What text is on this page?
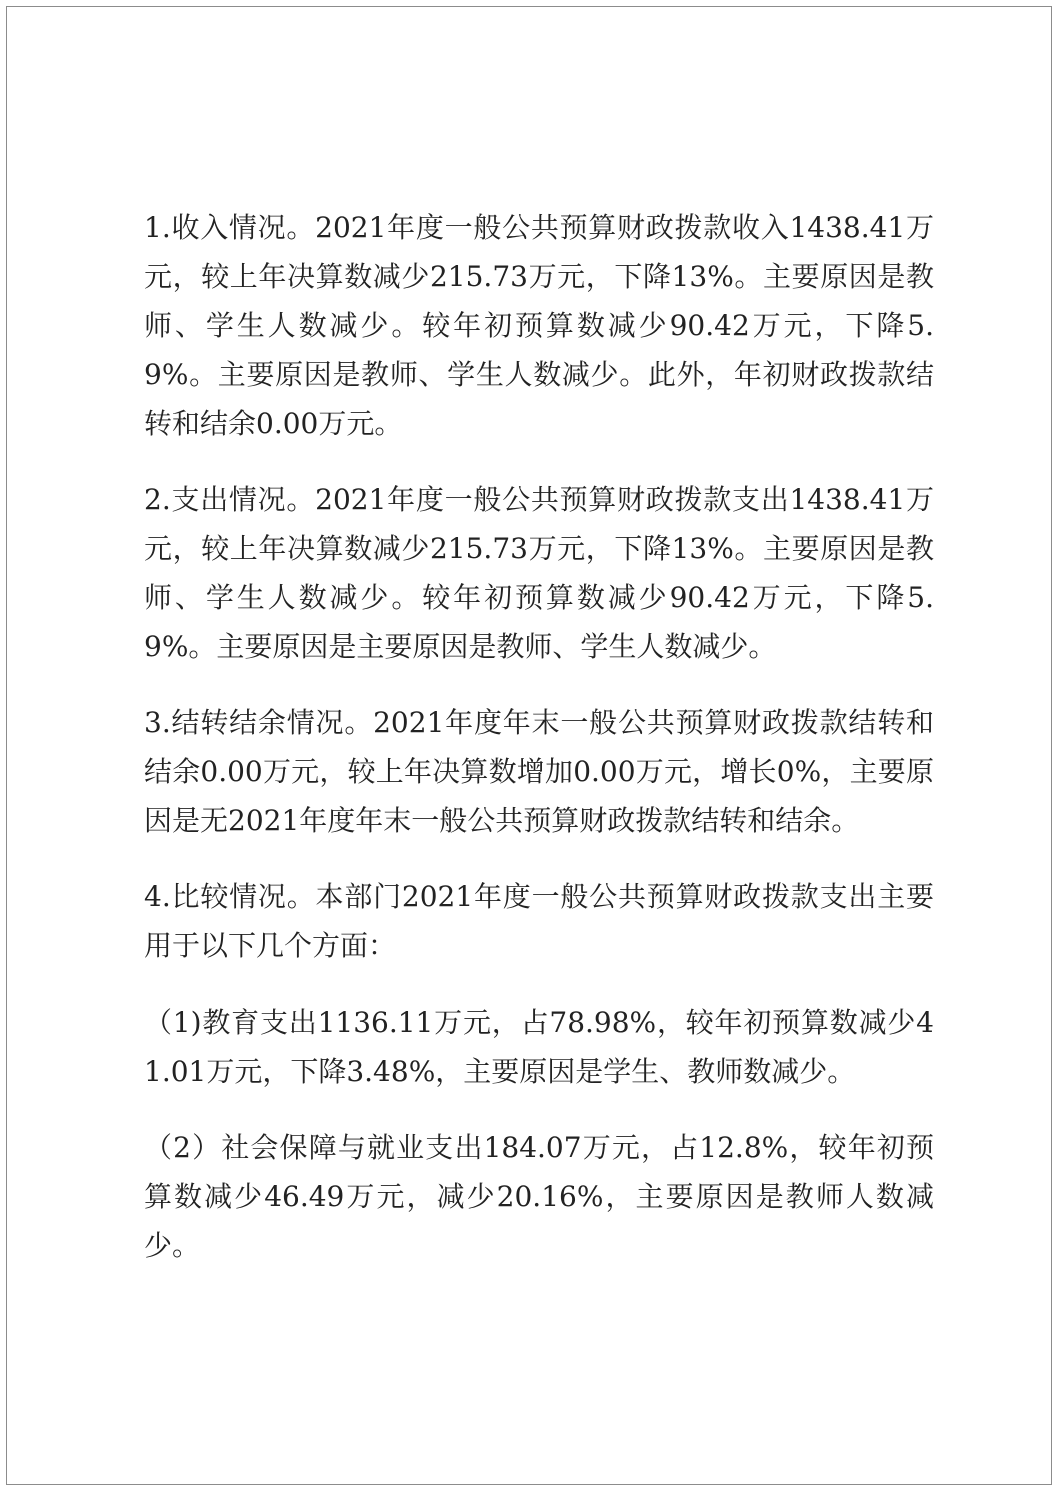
1.收入情况。2021年度一般公共预算财政拨款收入1438.41万元，较上年决算数减少215.73万元，下降13%。主要原因是教师、学生人数减少。较年初预算数减少90.42万元，下降5.9%。主要原因是教师、学生人数减少。此外，年初财政拨款结转和结余0.00万元。

2.支出情况。2021年度一般公共预算财政拨款支出1438.41万元，较上年决算数减少215.73万元，下降13%。主要原因是教师、学生人数减少。较年初预算数减少90.42万元，下降5.9%。主要原因是主要原因是教师、学生人数减少。

3.结转结余情况。2021年度年末一般公共预算财政拨款结转和结余0.00万元，较上年决算数增加0.00万元，增长0%，主要原因是无2021年度年末一般公共预算财政拨款结转和结余。

4.比较情况。本部门2021年度一般公共预算财政拨款支出主要用于以下几个方面：

（1)教育支出1136.11万元，占78.98%，较年初预算数减少41.01万元，下降3.48%，主要原因是学生、教师数减少。

（2）社会保障与就业支出184.07万元，占12.8%，较年初预算数减少46.49万元，减少20.16%，主要原因是教师人数减少。
